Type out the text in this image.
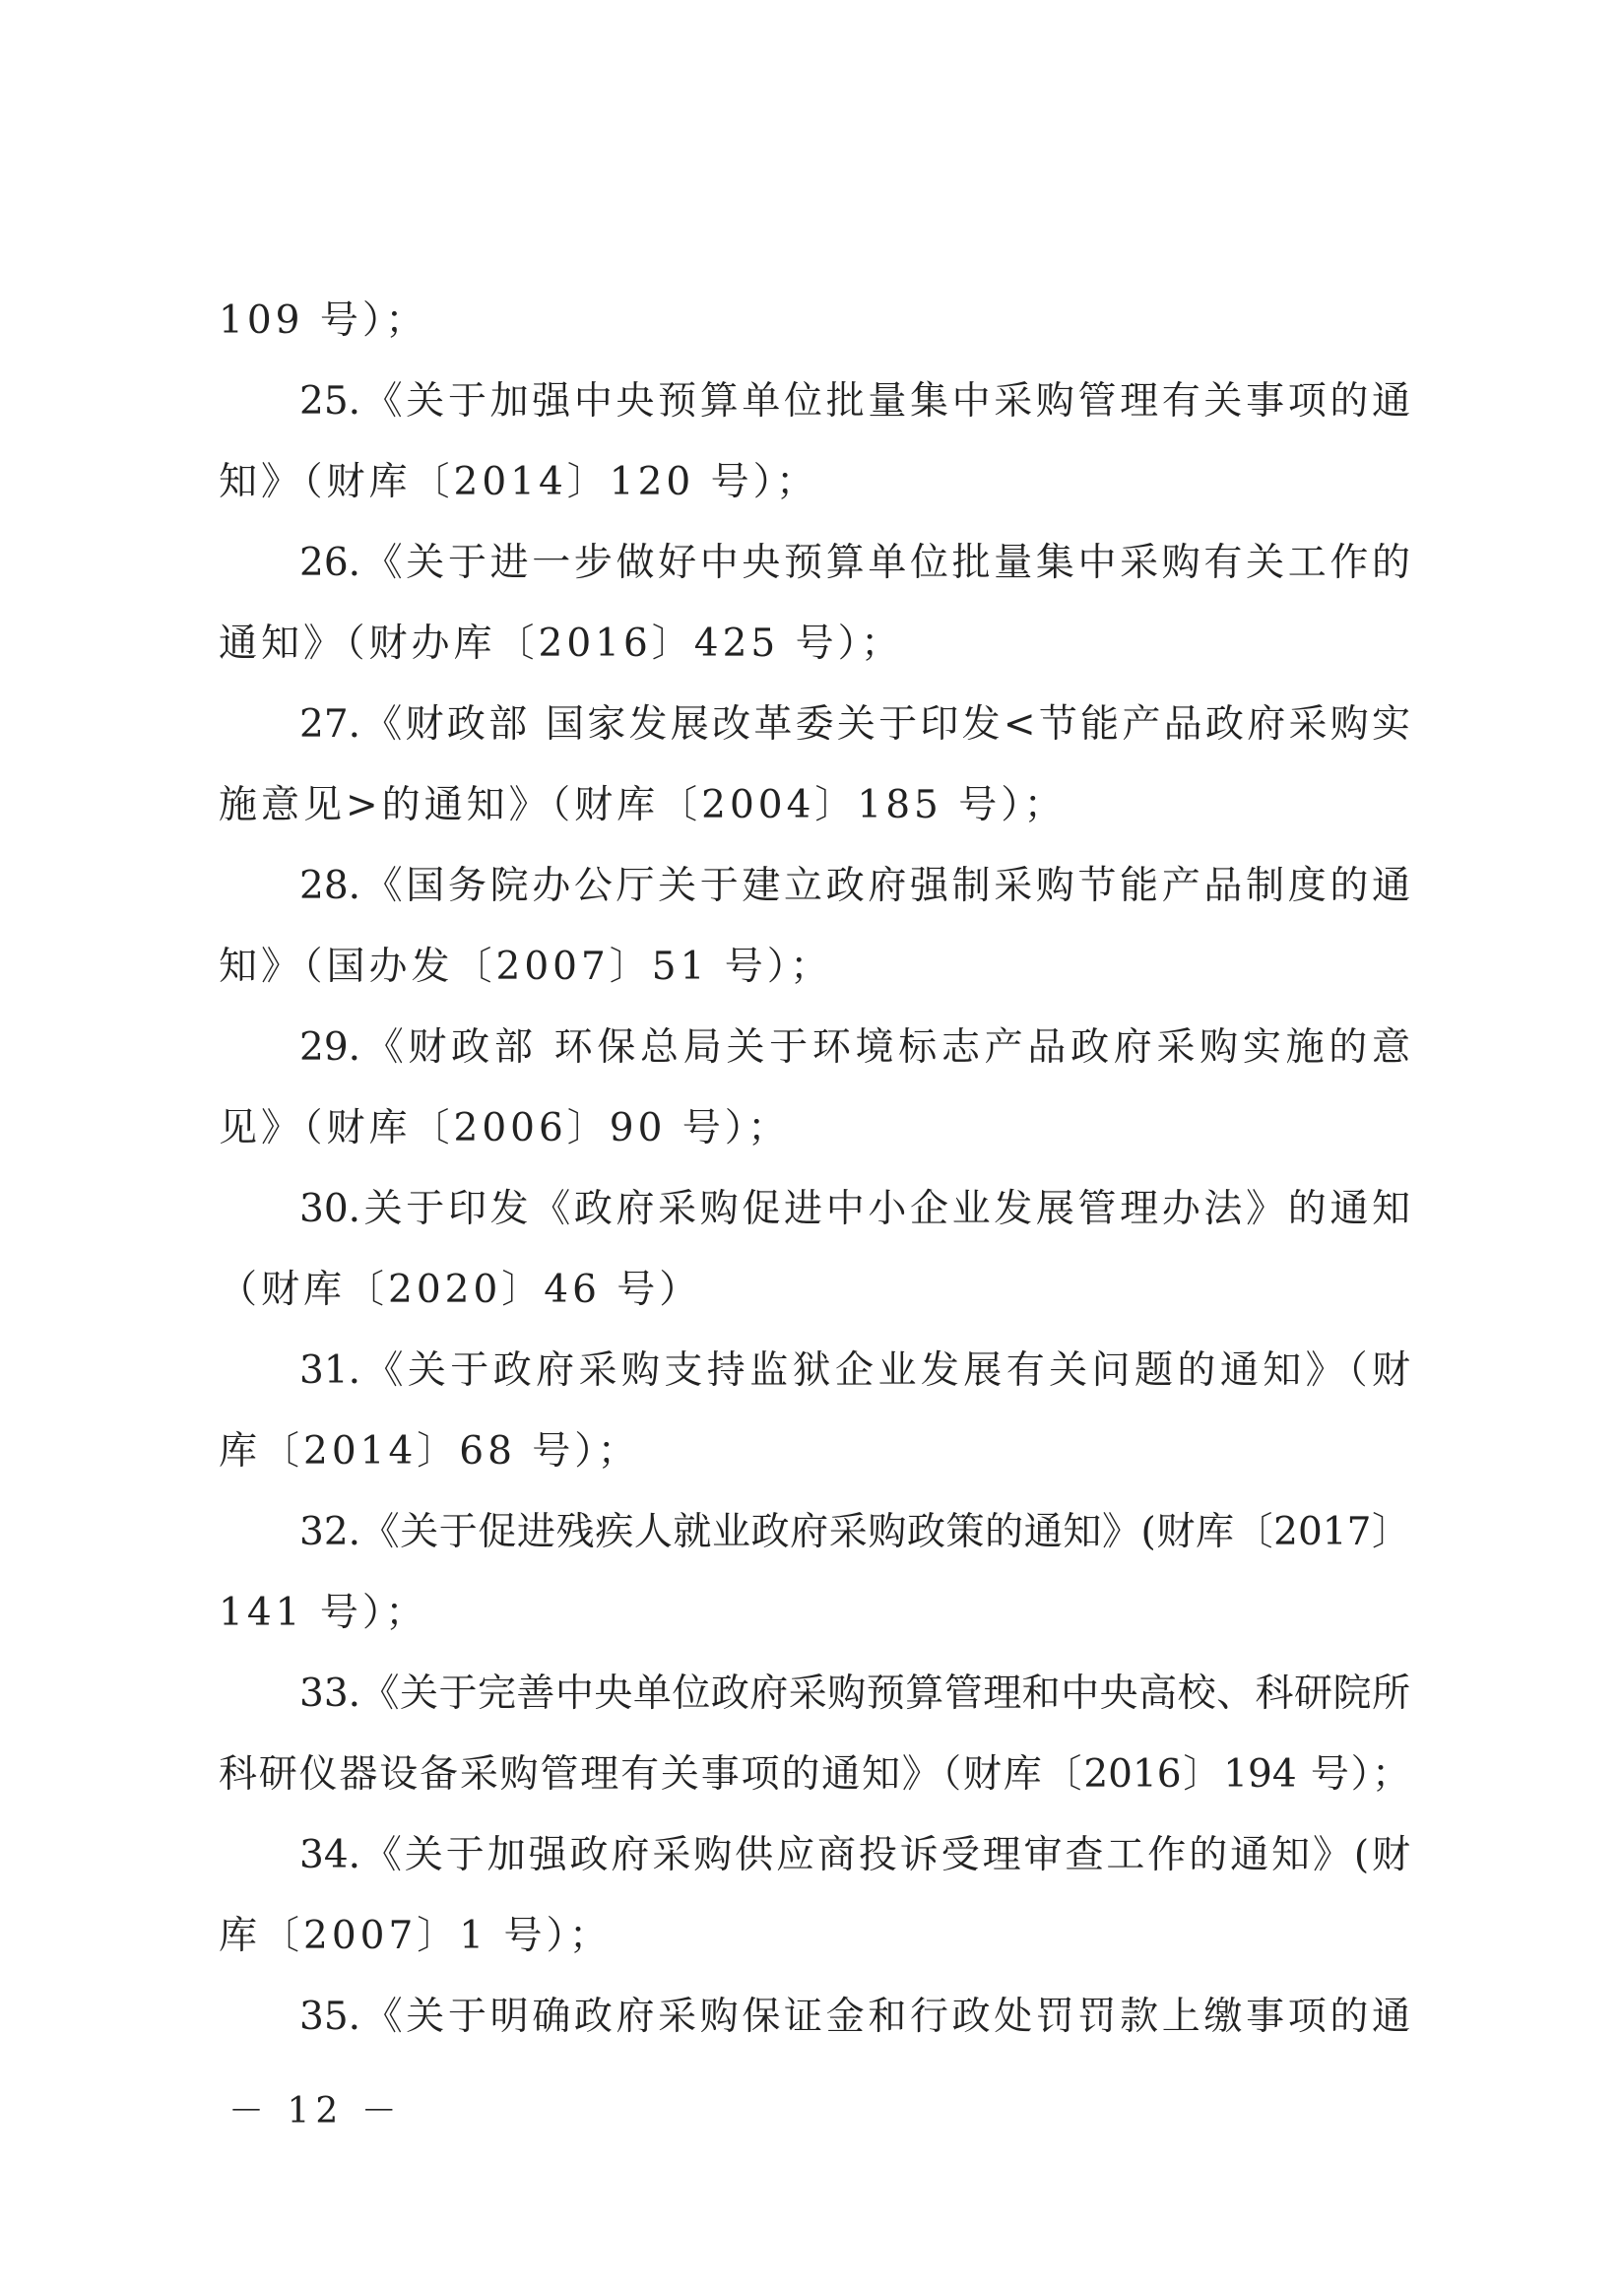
109 号）；
25.《关于加强中央预算单位批量集中采购管理有关事项的通
知》（财库〔2014〕120 号）；
26.《关于进一步做好中央预算单位批量集中采购有关工作的
通知》（财办库〔2016〕425 号）；
27.《财政部 国家发展改革委关于印发<节能产品政府采购实
施意见>的通知》（财库〔2004〕185 号）；
28.《国务院办公厅关于建立政府强制采购节能产品制度的通
知》（国办发〔2007〕51 号）；
29.《财政部 环保总局关于环境标志产品政府采购实施的意
见》（财库〔2006〕90 号）；
30.关于印发《政府采购促进中小企业发展管理办法》的通知
（财库〔2020〕46 号）
31.《关于政府采购支持监狱企业发展有关问题的通知》（财
库〔2014〕68 号）；
32.《关于促进残疾人就业政府采购政策的通知》(财库〔2017〕
141 号）；
33.《关于完善中央单位政府采购预算管理和中央高校、科研院所
科研仪器设备采购管理有关事项的通知》（财库〔2016〕194 号）；
34.《关于加强政府采购供应商投诉受理审查工作的通知》(财
库〔2007〕1 号）；
35.《关于明确政府采购保证金和行政处罚罚款上缴事项的通
－ 12 －
